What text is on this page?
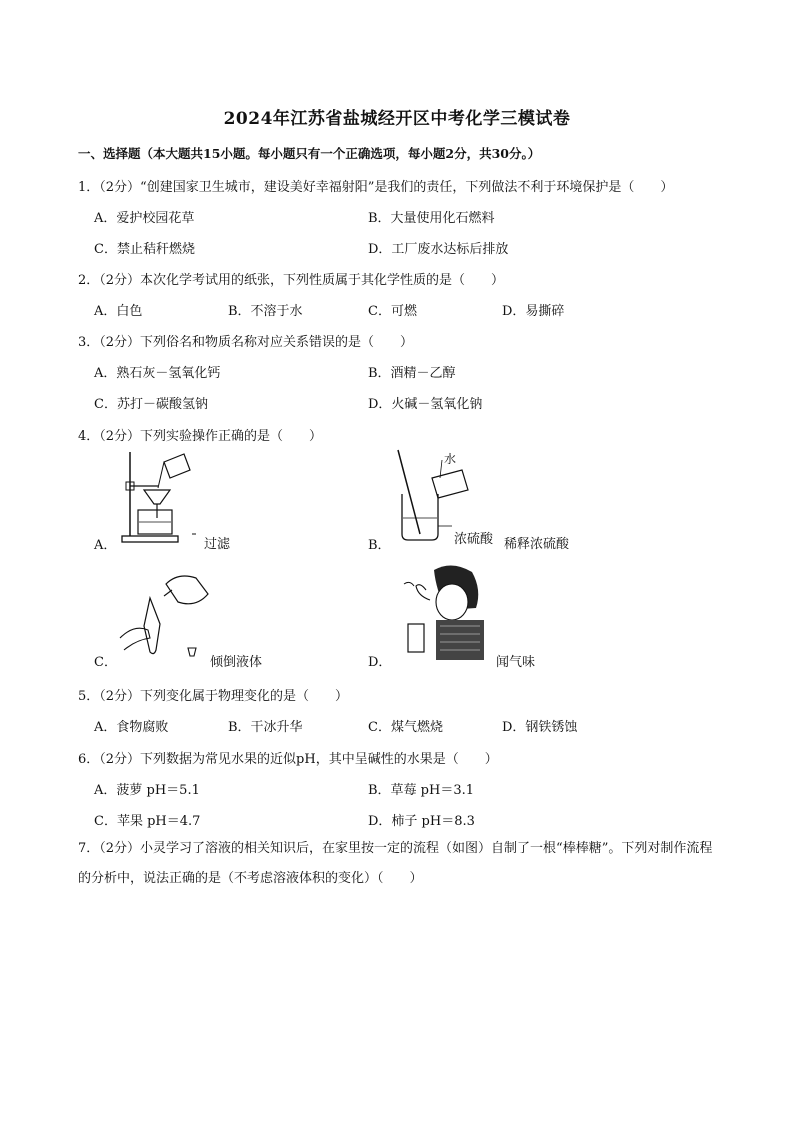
2024年江苏省盐城经开区中考化学三模试卷
一、选择题（本大题共15小题。每小题只有一个正确选项，每小题2分，共30分。）
1．（2分）“创建国家卫生城市，建设美好幸福射阳”是我们的责任，下列做法不利于环境保护是（　　）
A．爱护校园花草	B．大量使用化石燃料
C．禁止秸秆燃烧	D．工厂废水达标后排放
2．（2分）本次化学考试用的纸张，下列性质属于其化学性质的是（　　）
A．白色	B．不溶于水	C．可燃	D．易撕碎
3．（2分）下列俗名和物质名称对应关系错误的是（　　）
A．熟石灰－氢氧化钙	B．酒精－乙醇
C．苏打－碳酸氢钠	D．火碱－氢氧化钠
4．（2分）下列实验操作正确的是（　　）
A．	过滤
水
浓硫酸
B．	稀释浓硫酸
C．	倾倒液体	D．	闻气味
5．（2分）下列变化属于物理变化的是（　　）
A．食物腐败	B．干冰升华	C．煤气燃烧	D．钢铁锈蚀
6．（2分）下列数据为常见水果的近似pH，其中呈碱性的水果是（　　）
A．菠萝 pH＝5.1	B．草莓 pH＝3.1
C．苹果 pH＝4.7	D．柿子 pH＝8.3
7．（2分）小灵学习了溶液的相关知识后，在家里按一定的流程（如图）自制了一根“棒棒糖”。下列对制作流程的分析中，说法正确的是（不考虑溶液体积的变化）（　　）
